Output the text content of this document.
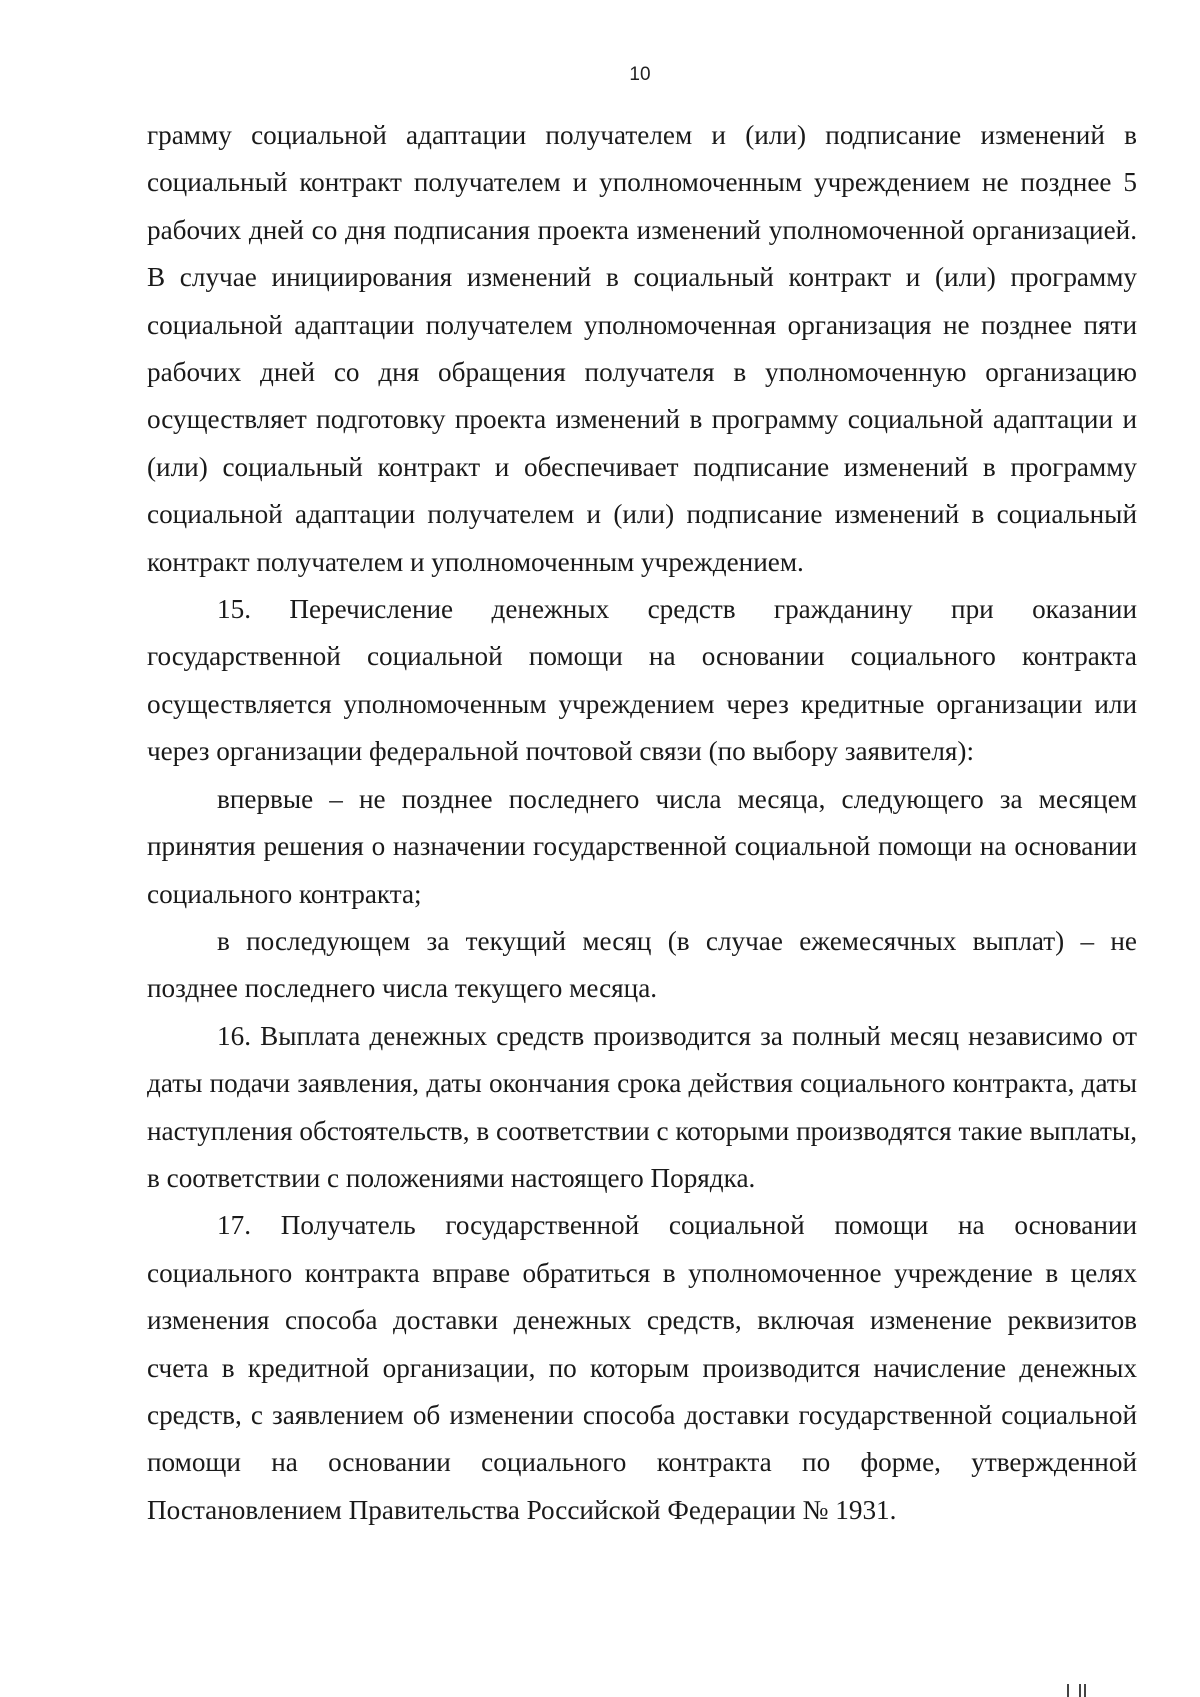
10

грамму социальной адаптации получателем и (или) подписание изменений в социальный контракт получателем и уполномоченным учреждением не позднее 5 рабочих дней со дня подписания проекта изменений уполномоченной организацией. В случае инициирования изменений в социальный контракт и (или) программу социальной адаптации получателем уполномоченная организация не позднее пяти рабочих дней со дня обращения получателя в уполномоченную организацию осуществляет подготовку проекта изменений в программу социальной адаптации и (или) социальный контракт и обеспечивает подписание изменений в программу социальной адаптации получателем и (или) подписание изменений в социальный контракт получателем и уполномоченным учреждением.

15. Перечисление денежных средств гражданину при оказании государственной социальной помощи на основании социального контракта осуществляется уполномоченным учреждением через кредитные организации или через организации федеральной почтовой связи (по выбору заявителя):

впервые – не позднее последнего числа месяца, следующего за месяцем принятия решения о назначении государственной социальной помощи на основании социального контракта;

в последующем за текущий месяц (в случае ежемесячных выплат) – не позднее последнего числа текущего месяца.

16. Выплата денежных средств производится за полный месяц независимо от даты подачи заявления, даты окончания срока действия социального контракта, даты наступления обстоятельств, в соответствии с которыми производятся такие выплаты, в соответствии с положениями настоящего Порядка.

17. Получатель государственной социальной помощи на основании социального контракта вправе обратиться в уполномоченное учреждение в целях изменения способа доставки денежных средств, включая изменение реквизитов счета в кредитной организации, по которым производится начисление денежных средств, с заявлением об изменении способа доставки государственной социальной помощи на основании социального контракта по форме, утвержденной Постановлением Правительства Российской Федерации № 1931.
